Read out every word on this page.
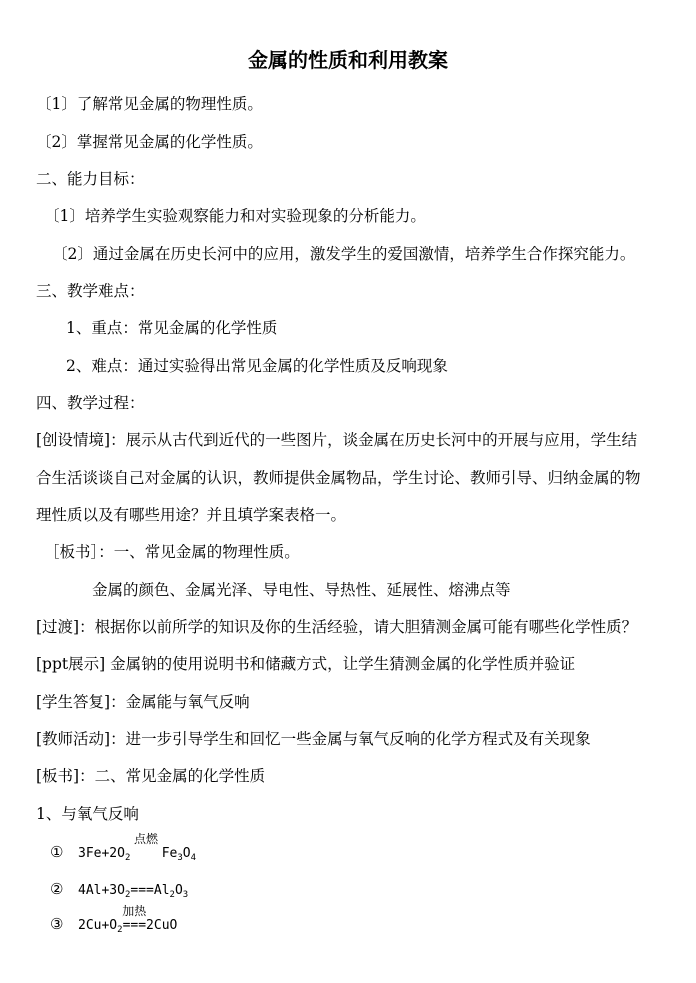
金属的性质和利用教案
〔1〕了解常见金属的物理性质。
〔2〕掌握常见金属的化学性质。
二、能力目标：
〔1〕培养学生实验观察能力和对实验现象的分析能力。
〔2〕通过金属在历史长河中的应用，激发学生的爱国激情，培养学生合作探究能力。
三、教学难点：
1、重点：常见金属的化学性质
2、难点：通过实验得出常见金属的化学性质及反响现象
四、教学过程：
[创设情境]：展示从古代到近代的一些图片，谈金属在历史长河中的开展与应用，学生结
合生活谈谈自己对金属的认识，教师提供金属物品，学生讨论、教师引导、归纳金属的物
理性质以及有哪些用途？并且填学案表格一。
［板书］：一、常见金属的物理性质。
金属的颜色、金属光泽、导电性、导热性、延展性、熔沸点等
[过渡]：根据你以前所学的知识及你的生活经验，请大胆猜测金属可能有哪些化学性质？
[ppt展示] 金属钠的使用说明书和储藏方式，让学生猜测金属的化学性质并验证
[学生答复]：金属能与氧气反响
[教师活动]：进一步引导学生和回忆一些金属与氧气反响的化学方程式及有关现象
[板书]：二、常见金属的化学性质
1、与氧气反响
① $3Fe+2O_2$
点燃
$Fe_3O_4$
② $4Al+3O_2===Al_2O_3$
③ $2Cu+O_2$
加热
===2CuO
